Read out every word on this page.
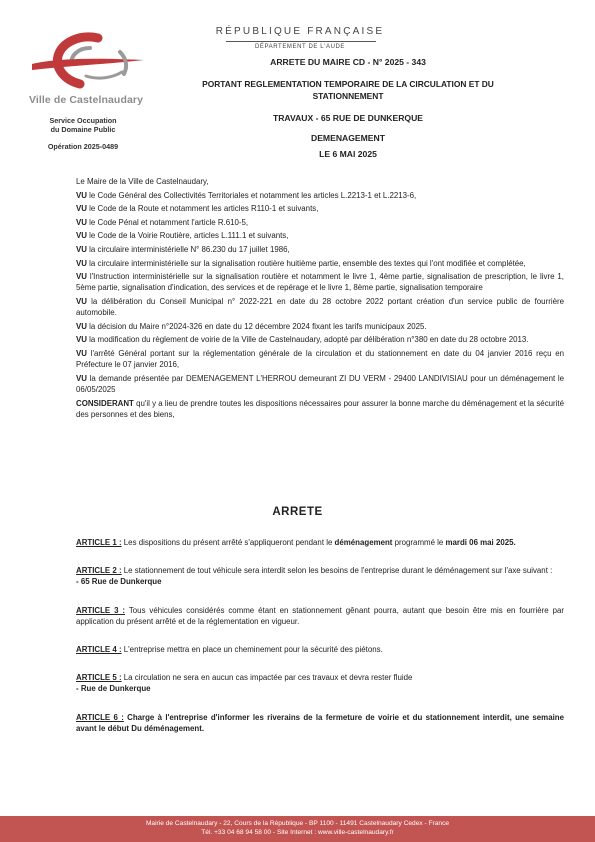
Ville de Castelnaudary
Service Occupation
du Domaine Public
Opération 2025-0489
RÉPUBLIQUE FRANÇAISE
DÉPARTEMENT DE L'AUDE
ARRETE DU MAIRE CD - N° 2025 - 343
PORTANT REGLEMENTATION TEMPORAIRE DE LA CIRCULATION ET DU
STATIONNEMENT
TRAVAUX - 65 RUE DE DUNKERQUE
DEMENAGEMENT
LE 6 MAI 2025

Le Maire de la Ville de Castelnaudary,

VU le Code Général des Collectivités Territoriales et notamment les articles L.2213-1 et L.2213-6,

VU le Code de la Route et notamment les articles R110-1 et suivants,

VU le Code Pénal et notamment l'article R.610-5,

VU le Code de la Voirie Routière, articles L.111.1 et suivants,

VU la circulaire interministérielle N° 86.230 du 17 juillet 1986,

VU la circulaire interministérielle sur la signalisation routière huitième partie, ensemble des textes qui l'ont modifiée et complétée,

VU l'Instruction interministérielle sur la signalisation routière et notamment le livre 1, 4ème partie, signalisation de prescription, le livre 1, 5ème partie, signalisation d'indication, des services et de repérage et le livre 1, 8ème partie, signalisation temporaire

VU la délibération du Conseil Municipal n° 2022-221 en date du 28 octobre 2022 portant création d'un service public de fourrière automobile.

VU la décision du Maire n°2024-326 en date du 12 décembre 2024 fixant les tarifs municipaux 2025.

VU la modification du règlement de voirie de la Ville de Castelnaudary, adopté par délibération n°380 en date du 28 octobre 2013.

VU l'arrêté Général portant sur la réglementation générale de la circulation et du stationnement en date du 04 janvier 2016 reçu en Préfecture le 07 janvier 2016,

VU la demande présentée par DEMENAGEMENT L'HERROU demeurant ZI DU VERM - 29400 LANDIVISIAU pour un déménagement le 06/05/2025

CONSIDERANT qu'il y a lieu de prendre toutes les dispositions nécessaires pour assurer la bonne marche du déménagement et la sécurité des personnes et des biens,

ARRETE

ARTICLE 1 : Les dispositions du présent arrêté s'appliqueront pendant le déménagement programmé le mardi 06 mai 2025.

ARTICLE 2 : Le stationnement de tout véhicule sera interdit selon les besoins de l'entreprise durant le déménagement sur l'axe suivant :

- 65 Rue de Dunkerque

ARTICLE 3 : Tous véhicules considérés comme étant en stationnement gênant pourra, autant que besoin être mis en fourrière par application du présent arrêté et de la réglementation en vigueur.

ARTICLE 4 : L'entreprise mettra en place un cheminement pour la sécurité des piétons.

ARTICLE 5 : La circulation ne sera en aucun cas impactée par ces travaux et devra rester fluide

- Rue de Dunkerque

ARTICLE 6 : Charge à l'entreprise d'informer les riverains de la fermeture de voirie et du stationnement interdit, une semaine avant le début Du déménagement.

Mairie de Castelnaudary - 22, Cours de la République - BP 1100 - 11491 Castelnaudary Cedex - France
Tél. +33 04 68 94 58 00 - Site Internet : www.ville-castelnaudary.fr
